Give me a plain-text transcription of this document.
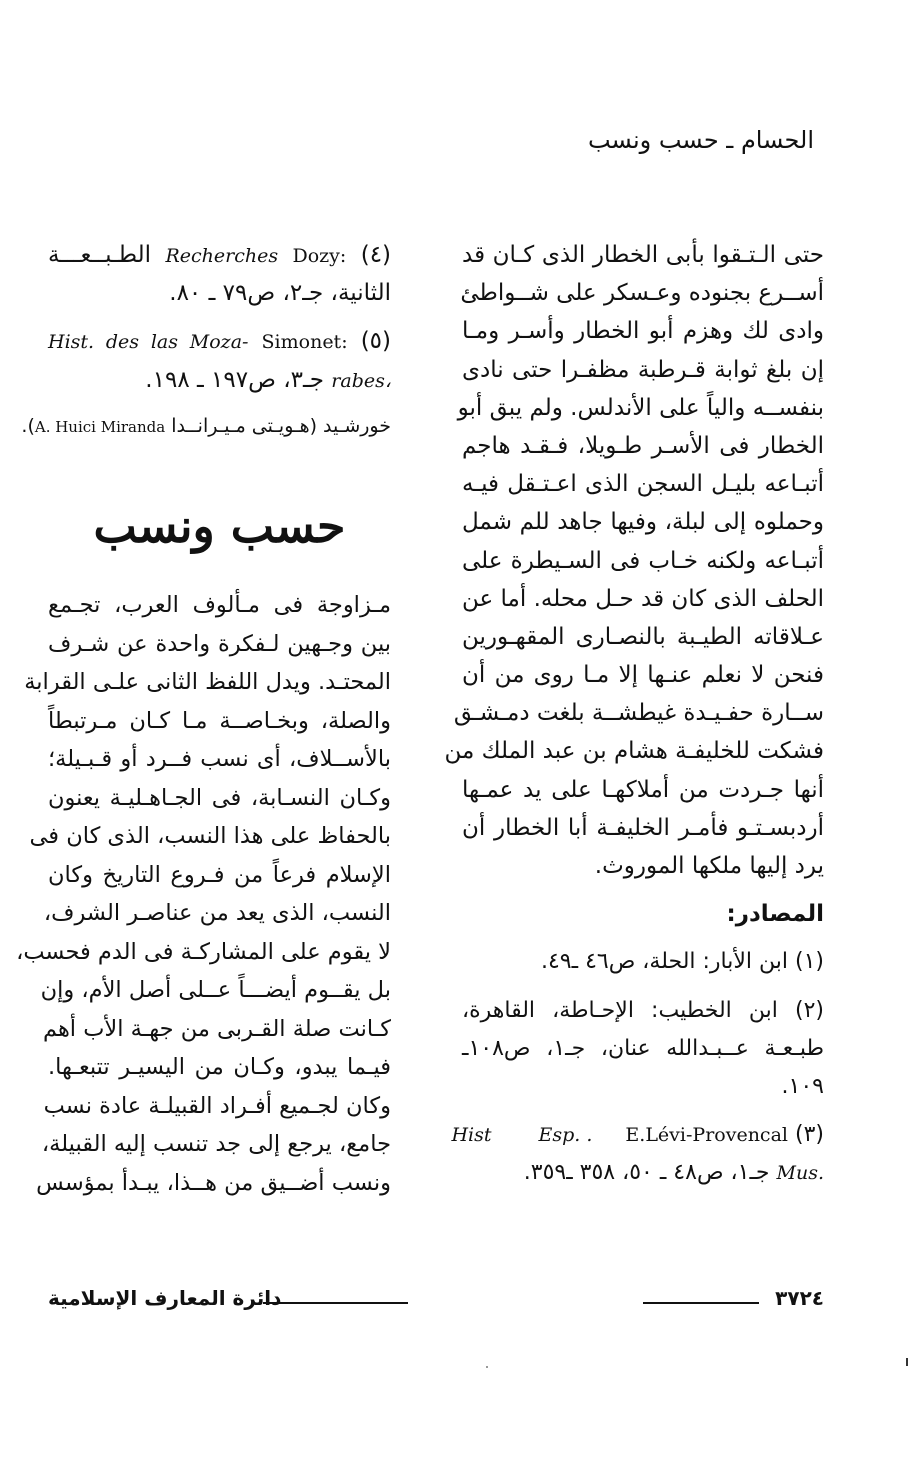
الحسام ـ حسب ونسب
حتى الـتـقوا بأبى الخطار الذى كـان قد
أســرع بجنوده وعـسكر على شــواطئ
وادى لك وهزم أبو الخطار وأسـر ومـا
إن بلغ ثوابة قـرطبة مظفـرا حتى نادى
بنفســه والياً على الأندلس. ولم يبق أبو
الخطار فى الأسـر طـويلا، فـقـد هاجم
أتبـاعه بليـل السجن الذى اعـتـقل فيـه
وحملوه إلى لبلة، وفيها جاهد للم شمل
أتبـاعه ولكنه خـاب فى السـيطرة على
الحلف الذى كان قد حـل محله. أما عن
عـلاقاته الطيـبة بالنصـارى المقهـورين
فنحن لا نعلم عنـها إلا مـا روى من أن
ســارة حفـيـدة غيطشــة بلغت دمـشـق
فشكت للخليفـة هشام بن عبد الملك من
أنها جـردت من أملاكهـا على يد عمـها
أردبسـتـو فأمـر الخليفـة أبا الخطار أن
يرد إليها ملكها الموروث.
المصادر:
(١) ابن الأبار: الحلة، ص٤٦ ـ٤٩.
(٢) ابن الخطيب: الإحـاطة، القاهرة،
طبـعـة عــبـدالله عنان، جـ١، ص١٠٨ـ
١٠٩.
(٣) E.Lévi-Provencal Esp. . Hist
Mus. جـ١، ص٤٨ ـ ٥٠، ٣٥٨ ـ٣٥٩.
(٤) Dozy: Recherches الطـبــعـــة
الثانية، جـ٢، ص٧٩ ـ ٨٠.
(٥) Simonet: Hist. des las Moza-
rabes، جـ٣، ص١٩٧ ـ ١٩٨.
خورشـيد (هـويـتى مـيـرانــدا A. Huici Miranda).
حسب ونسب
مـزاوجة فى مـألوف العرب، تجـمع
بين وجـهين لـفكرة واحدة عن شـرف
المحتـد. ويدل اللفظ الثانى علـى القرابة
والصلة، وبخـاصــة مـا كـان مـرتبطاً
بالأســلاف، أى نسب فــرد أو قـبـيلة؛
وكـان النسـابة، فى الجـاهـليـة يعنون
بالحفاظ على هذا النسب، الذى كان فى
الإسلام فرعاً من فـروع التاريخ وكان
النسب، الذى يعد من عناصـر الشرف،
لا يقوم على المشاركـة فى الدم فحسب،
بل يقــوم أيضـــاً عــلى أصل الأم، وإن
كـانت صلة القـربى من جهـة الأب أهم
فيـما يبدو، وكـان من اليسيـر تتبعـها.
وكان لجـميع أفـراد القبيلـة عادة نسب
جامع، يرجع إلى جد تنسب إليه القبيلة،
ونسب أضــيق من هــذا، يبـدأ بمؤسس
٣٧٢٤
دائرة المعارف الإسلامية
